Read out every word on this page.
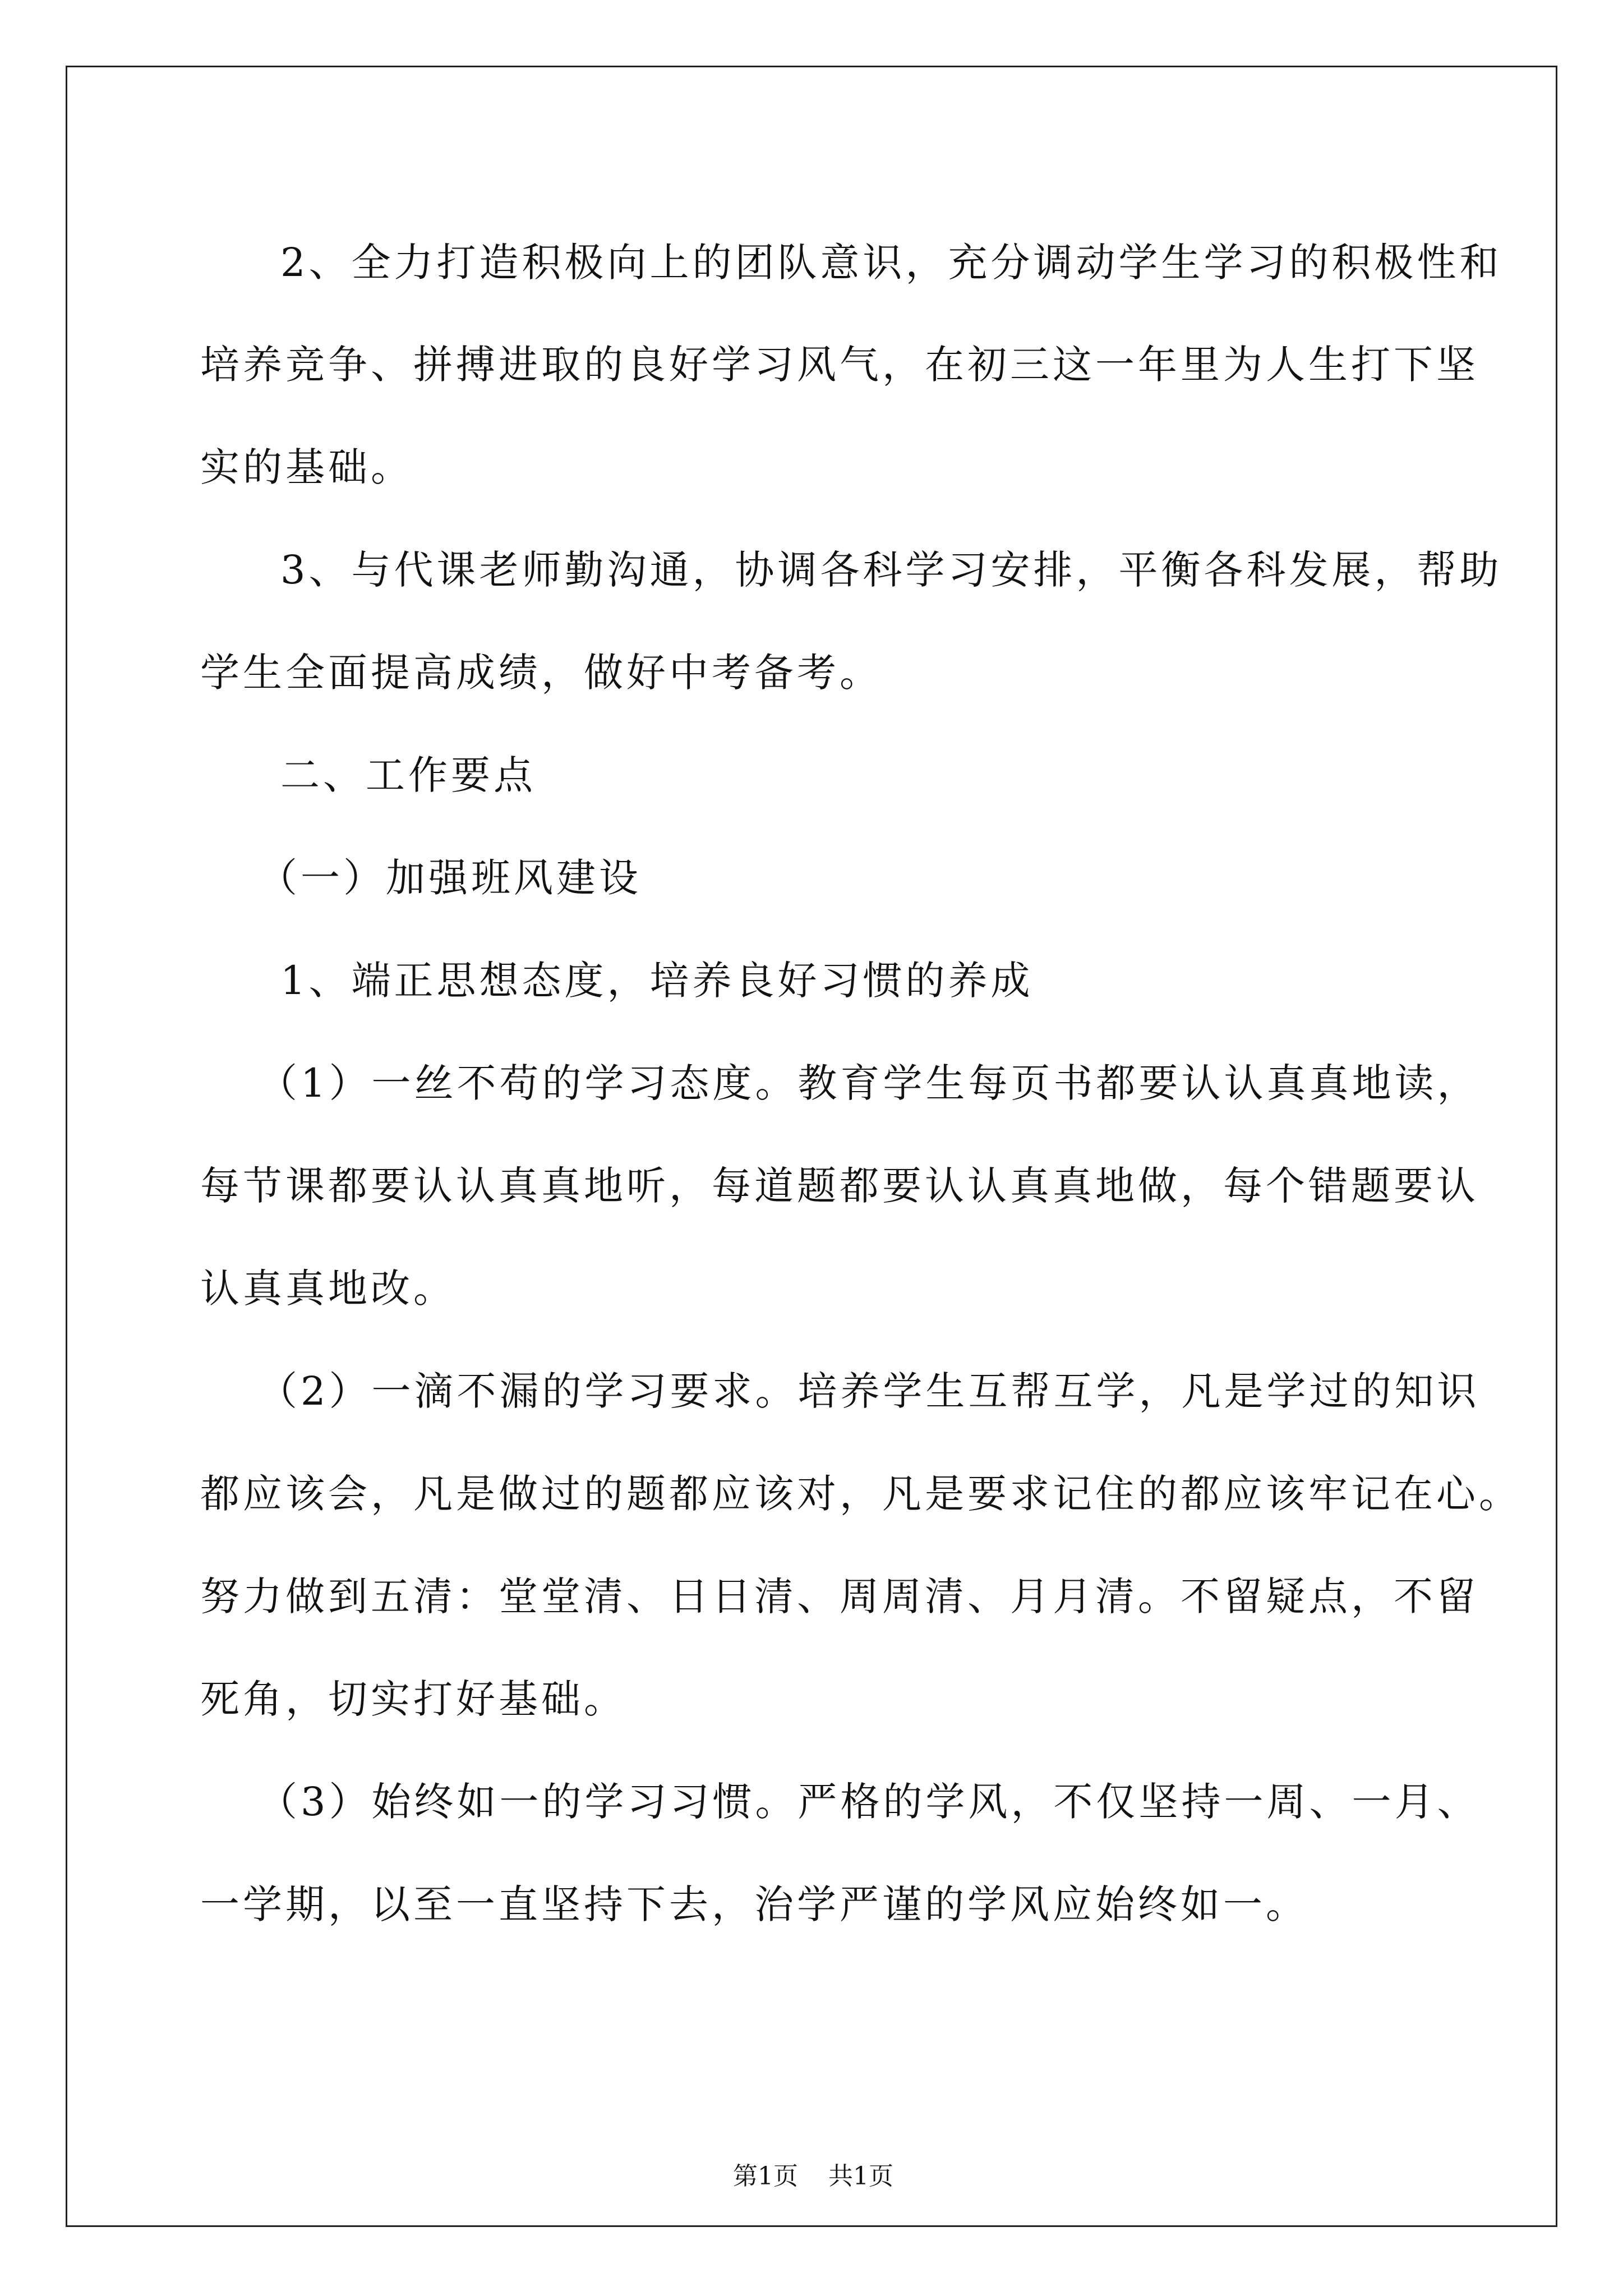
2、全力打造积极向上的团队意识，充分调动学生学习的积极性和
培养竞争、拼搏进取的良好学习风气，在初三这一年里为人生打下坚
实的基础。
3、与代课老师勤沟通，协调各科学习安排，平衡各科发展，帮助
学生全面提高成绩，做好中考备考。
二、工作要点
（一）加强班风建设
1、端正思想态度，培养良好习惯的养成
（1）一丝不苟的学习态度。教育学生每页书都要认认真真地读，
每节课都要认认真真地听，每道题都要认认真真地做，每个错题要认
认真真地改。
（2）一滴不漏的学习要求。培养学生互帮互学，凡是学过的知识
都应该会，凡是做过的题都应该对，凡是要求记住的都应该牢记在心。
努力做到五清：堂堂清、日日清、周周清、月月清。不留疑点，不留
死角，切实打好基础。
（3）始终如一的学习习惯。严格的学风，不仅坚持一周、一月、
一学期，以至一直坚持下去，治学严谨的学风应始终如一。
第1页 共1页
